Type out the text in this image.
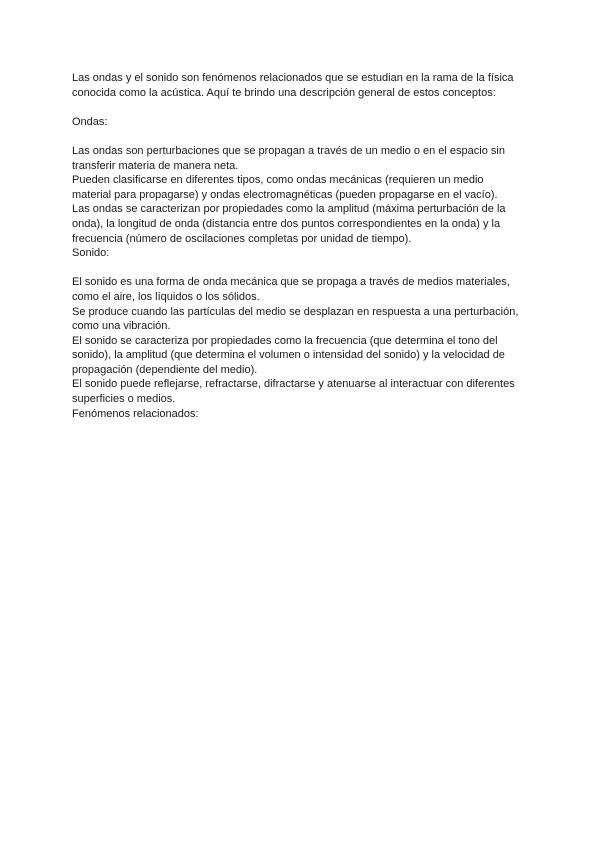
Las ondas y el sonido son fenómenos relacionados que se estudian en la rama de la física
conocida como la acústica. Aquí te brindo una descripción general de estos conceptos:

Ondas:

Las ondas son perturbaciones que se propagan a través de un medio o en el espacio sin
transferir materia de manera neta.

Pueden clasificarse en diferentes tipos, como ondas mecánicas (requieren un medio
material para propagarse) y ondas electromagnéticas (pueden propagarse en el vacío).

Las ondas se caracterizan por propiedades como la amplitud (máxima perturbación de la
onda), la longitud de onda (distancia entre dos puntos correspondientes en la onda) y la
frecuencia (número de oscilaciones completas por unidad de tiempo).

Sonido:

El sonido es una forma de onda mecánica que se propaga a través de medios materiales,
como el aire, los líquidos o los sólidos.

Se produce cuando las partículas del medio se desplazan en respuesta a una perturbación,
como una vibración.

El sonido se caracteriza por propiedades como la frecuencia (que determina el tono del
sonido), la amplitud (que determina el volumen o intensidad del sonido) y la velocidad de
propagación (dependiente del medio).

El sonido puede reflejarse, refractarse, difractarse y atenuarse al interactuar con diferentes
superficies o medios.

Fenómenos relacionados:
